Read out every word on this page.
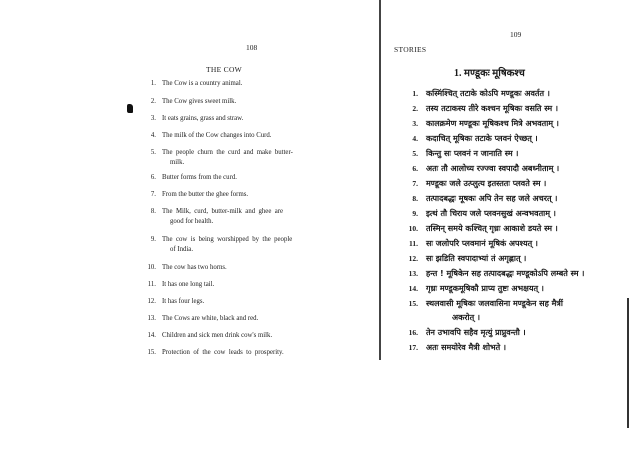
108
THE COW
1. The Cow is a country animal.
2. The Cow gives sweet milk.
3. It eats grains, grass and straw.
4. The milk of the Cow changes into Curd.
5. The  people  churn  the  curd  and  make  butter-
milk.
6. Butter forms from the curd.
7. From the butter the ghee forms.
8. The  Milk,  curd,  butter-milk  and  ghee  are
good for health.
9. The  cow  is  being  worshipped  by  the  people
of India.
10. The cow has two horns.
11. It has one long tail.
12. It has four legs.
13. The Cows are white, black and red.
14. Children and sick men drink cow's milk.
15. Protection  of  the  cow  leads  to  prosperity.
109
STORIES
1. मण्डूकः मूषिकश्च
1. कस्मिंश्चित् तटाके कोऽपि मण्डूकः अवर्तत ।
2. तस्य तटाकस्य तीरे कश्चन मूषिकः वसति स्म ।
3. कालक्रमेण मण्डूकः मूषिकश्च मित्रे अभवताम् ।
4. कदाचित् मूषिकः तटाके प्लवनं ऐच्छत् ।
5. किन्तु सः प्लवनं न जानाति स्म ।
6. अतः तौ आलोच्य रज्ज्वा स्वपादौ अबध्नीताम् ।
7. मण्डूकः जले उत्प्लुत्य इतस्ततः प्लवते स्म ।
8. तत्पादबद्धः मूषकः अपि तेन सह जले अचरत् ।
9. इत्थं तौ चिराय जले प्लवनसुखं अन्वभवताम् ।
10. तस्मिन् समये कश्चित् गृध्रः आकाशे डयते स्म ।
11. सः जलोपरि प्लवमानं मूषिकं अपश्यत् ।
12. सः झडिति स्वपादाभ्यां तं अगृह्णात् ।
13. हन्त ! मूषिकेन सह तत्पादबद्धः मण्डूकोऽपि लम्बते स्म ।
14. गृध्रः मण्डूकमूषिकौ प्राप्य तुष्टः अभक्षयत् ।
15. स्थलवासी मूषिकः जलवासिना मण्डूकेन सह मैत्रीं
अकरोत् ।
16. तेन उभावपि सहैव मृत्युं प्राप्नुवन्तौ ।
17. अतः समयोरेव मैत्री शोभते ।
